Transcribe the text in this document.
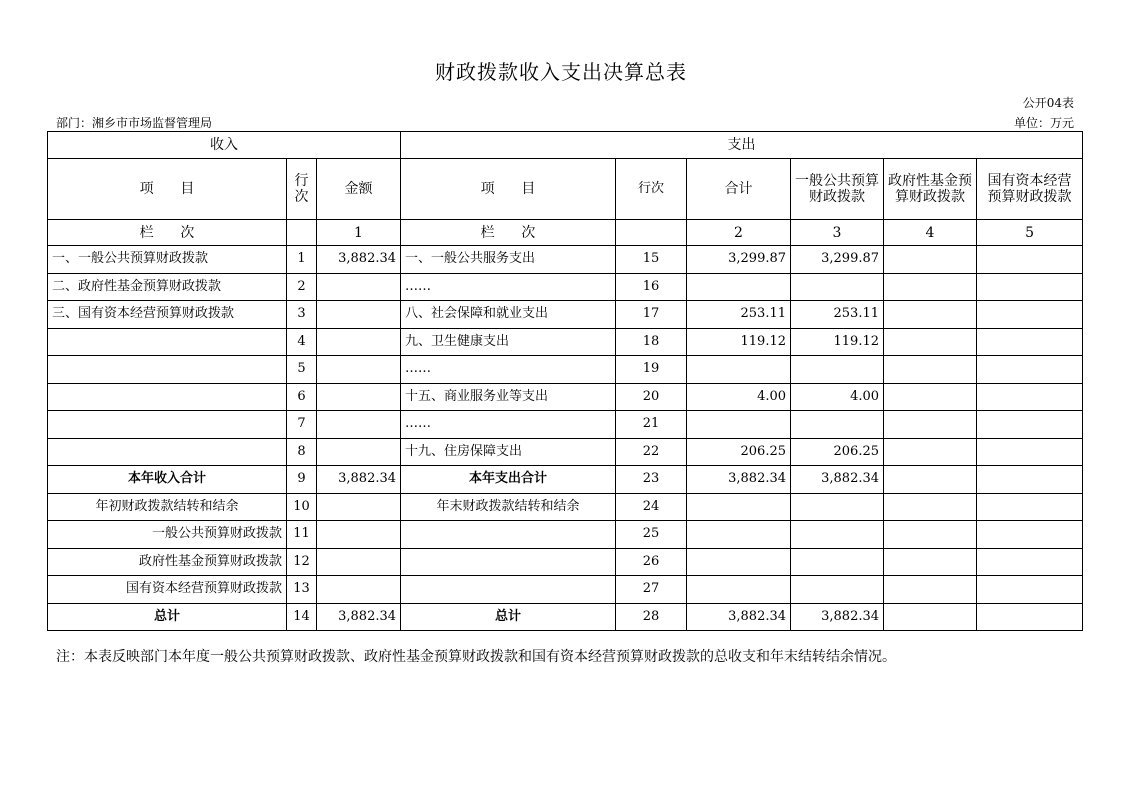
财政拨款收入支出决算总表
公开04表
部门：湘乡市市场监督管理局	单位：万元
收入			支出					
项      目	行次	金额	项      目	行次	合计	一般公共预算财政拨款	政府性基金预算财政拨款	国有资本经营预算财政拨款
栏      次		1	栏      次		2	3	4	5
一、一般公共预算财政拨款	1	3,882.34	一、一般公共服务支出	15	3,299.87	3,299.87		
二、政府性基金预算财政拨款	2		……	16				
三、国有资本经营预算财政拨款	3		八、社会保障和就业支出	17	253.11	253.11		
	4		九、卫生健康支出	18	119.12	119.12		
	5		……	19				
	6		十五、商业服务业等支出	20	4.00	4.00		
	7		……	21				
	8		十九、住房保障支出	22	206.25	206.25		
本年收入合计	9	3,882.34	本年支出合计	23	3,882.34	3,882.34		
年初财政拨款结转和结余	10		年末财政拨款结转和结余	24				
一般公共预算财政拨款	11			25				
政府性基金预算财政拨款	12			26				
国有资本经营预算财政拨款	13			27				
总计	14	3,882.34	总计	28	3,882.34	3,882.34		
注：本表反映部门本年度一般公共预算财政拨款、政府性基金预算财政拨款和国有资本经营预算财政拨款的总收支和年末结转结余情况。
